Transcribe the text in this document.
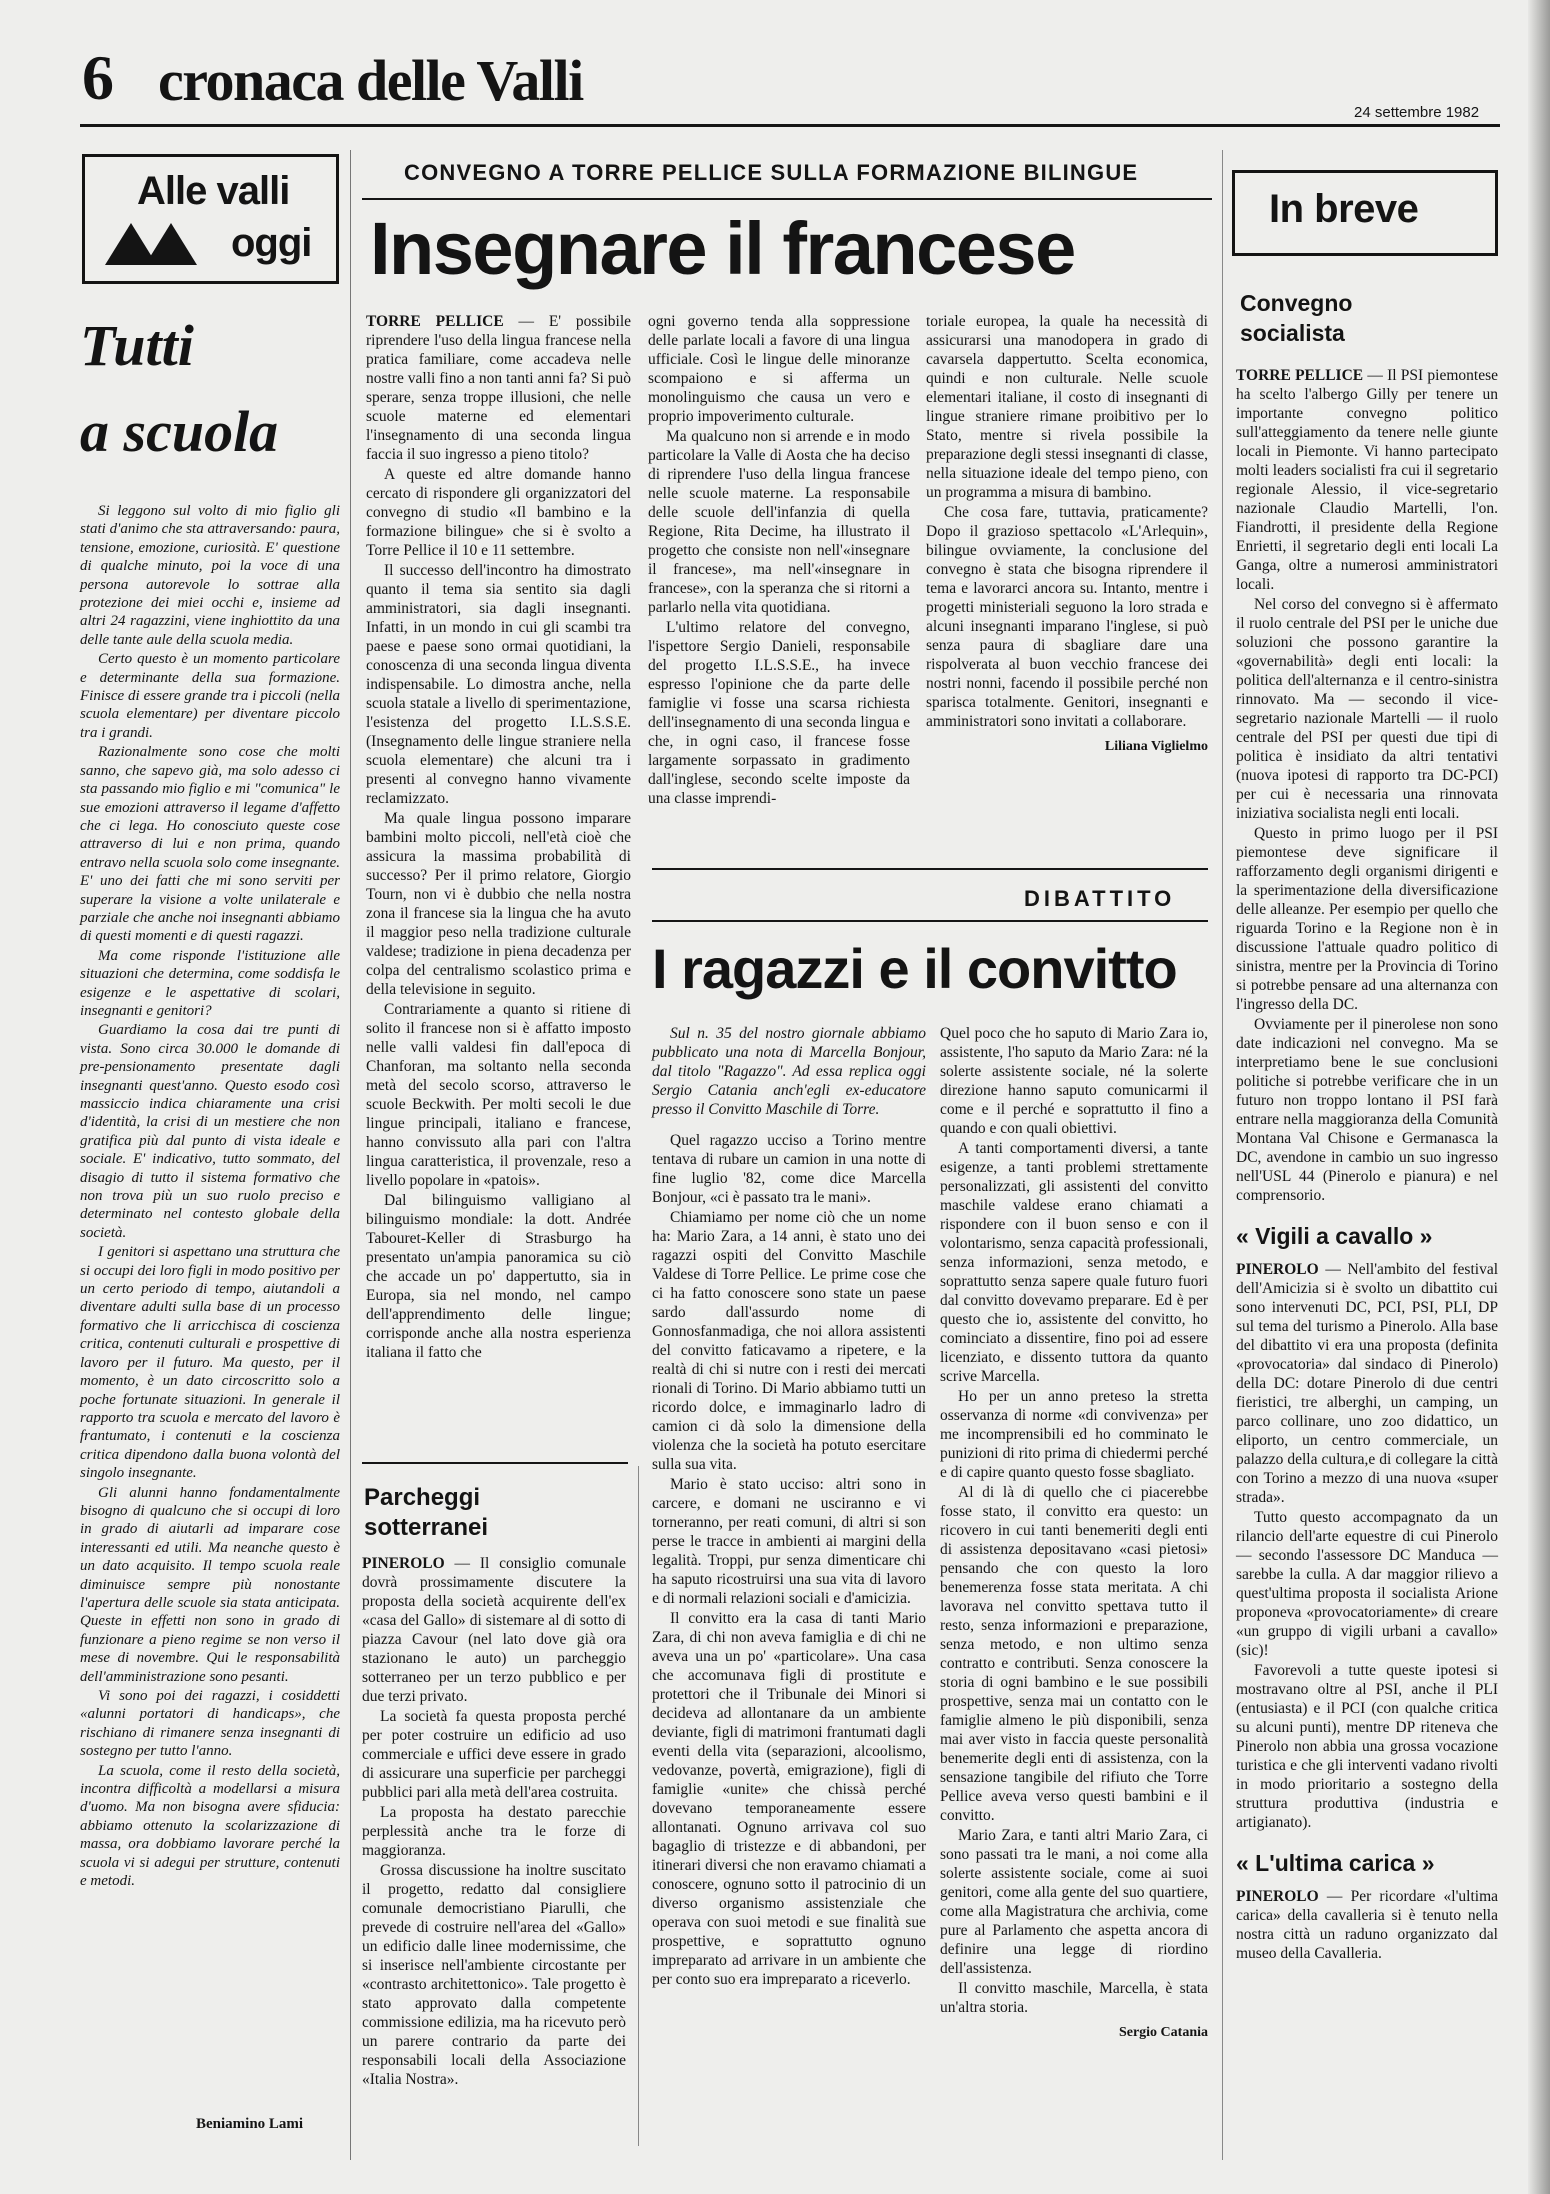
6 cronaca delle Valli	24 settembre 1982
Alle valli
oggi
Tutti
a scuola

Si leggono sul volto di mio figlio gli stati d'animo che sta attraversando: paura, tensione, emozione, curiosità. E' questione di qualche minuto, poi la voce di una persona autorevole lo sottrae alla protezione dei miei occhi e, insieme ad altri 24 ragazzini, viene inghiottito da una delle tante aule della scuola media.

Certo questo è un momento particolare e determinante della sua formazione. Finisce di essere grande tra i piccoli (nella scuola elementare) per diventare piccolo tra i grandi.

Razionalmente sono cose che molti sanno, che sapevo già, ma solo adesso ci sta passando mio figlio e mi "comunica" le sue emozioni attraverso il legame d'affetto che ci lega. Ho conosciuto queste cose attraverso di lui e non prima, quando entravo nella scuola solo come insegnante. E' uno dei fatti che mi sono serviti per superare la visione a volte unilaterale e parziale che anche noi insegnanti abbiamo di questi momenti e di questi ragazzi.

Ma come risponde l'istituzione alle situazioni che determina, come soddisfa le esigenze e le aspettative di scolari, insegnanti e genitori?

Guardiamo la cosa dai tre punti di vista. Sono circa 30.000 le domande di pre-pensionamento presentate dagli insegnanti quest'anno. Questo esodo così massiccio indica chiaramente una crisi d'identità, la crisi di un mestiere che non gratifica più dal punto di vista ideale e sociale. E' indicativo, tutto sommato, del disagio di tutto il sistema formativo che non trova più un suo ruolo preciso e determinato nel contesto globale della società.

I genitori si aspettano una struttura che si occupi dei loro figli in modo positivo per un certo periodo di tempo, aiutandoli a diventare adulti sulla base di un processo formativo che li arricchisca di coscienza critica, contenuti culturali e prospettive di lavoro per il futuro. Ma questo, per il momento, è un dato circoscritto solo a poche fortunate situazioni. In generale il rapporto tra scuola e mercato del lavoro è frantumato, i contenuti e la coscienza critica dipendono dalla buona volontà del singolo insegnante.

Gli alunni hanno fondamentalmente bisogno di qualcuno che si occupi di loro in grado di aiutarli ad imparare cose interessanti ed utili. Ma neanche questo è un dato acquisito. Il tempo scuola reale diminuisce sempre più nonostante l'apertura delle scuole sia stata anticipata. Queste in effetti non sono in grado di funzionare a pieno regime se non verso il mese di novembre. Qui le responsabilità dell'amministrazione sono pesanti.

Vi sono poi dei ragazzi, i cosiddetti «alunni portatori di handicaps», che rischiano di rimanere senza insegnanti di sostegno per tutto l'anno.

La scuola, come il resto della società, incontra difficoltà a modellarsi a misura d'uomo. Ma non bisogna avere sfiducia: abbiamo ottenuto la scolarizzazione di massa, ora dobbiamo lavorare perché la scuola vi si adegui per strutture, contenuti e metodi.

Beniamino Lami
CONVEGNO A TORRE PELLICE SULLA FORMAZIONE BILINGUE
Insegnare il francese

TORRE PELLICE — E' possibile riprendere l'uso della lingua francese nella pratica familiare, come accadeva nelle nostre valli fino a non tanti anni fa? Si può sperare, senza troppe illusioni, che nelle scuole materne ed elementari l'insegnamento di una seconda lingua faccia il suo ingresso a pieno titolo?

A queste ed altre domande hanno cercato di rispondere gli organizzatori del convegno di studio «Il bambino e la formazione bilingue» che si è svolto a Torre Pellice il 10 e 11 settembre.

Il successo dell'incontro ha dimostrato quanto il tema sia sentito sia dagli amministratori, sia dagli insegnanti. Infatti, in un mondo in cui gli scambi tra paese e paese sono ormai quotidiani, la conoscenza di una seconda lingua diventa indispensabile. Lo dimostra anche, nella scuola statale a livello di sperimentazione, l'esistenza del progetto I.L.S.S.E. (Insegnamento delle lingue straniere nella scuola elementare) che alcuni tra i presenti al convegno hanno vivamente reclamizzato.

Ma quale lingua possono imparare bambini molto piccoli, nell'età cioè che assicura la massima probabilità di successo? Per il primo relatore, Giorgio Tourn, non vi è dubbio che nella nostra zona il francese sia la lingua che ha avuto il maggior peso nella tradizione culturale valdese; tradizione in piena decadenza per colpa del centralismo scolastico prima e della televisione in seguito.

Contrariamente a quanto si ritiene di solito il francese non si è affatto imposto nelle valli valdesi fin dall'epoca di Chanforan, ma soltanto nella seconda metà del secolo scorso, attraverso le scuole Beckwith. Per molti secoli le due lingue principali, italiano e francese, hanno convissuto alla pari con l'altra lingua caratteristica, il provenzale, reso a livello popolare in «patois».

Dal bilinguismo valligiano al bilinguismo mondiale: la dott. Andrée Tabouret-Keller di Strasburgo ha presentato un'ampia panoramica su ciò che accade un po' dappertutto, sia in Europa, sia nel mondo, nel campo dell'apprendimento delle lingue; corrisponde anche alla nostra esperienza italiana il fatto che

ogni governo tenda alla soppressione delle parlate locali a favore di una lingua ufficiale. Così le lingue delle minoranze scompaiono e si afferma un monolinguismo che causa un vero e proprio impoverimento culturale.

Ma qualcuno non si arrende e in modo particolare la Valle di Aosta che ha deciso di riprendere l'uso della lingua francese nelle scuole materne. La responsabile delle scuole dell'infanzia di quella Regione, Rita Decime, ha illustrato il progetto che consiste non nell'«insegnare il francese», ma nell'«insegnare in francese», con la speranza che si ritorni a parlarlo nella vita quotidiana.

L'ultimo relatore del convegno, l'ispettore Sergio Danieli, responsabile del progetto I.L.S.S.E., ha invece espresso l'opinione che da parte delle famiglie vi fosse una scarsa richiesta dell'insegnamento di una seconda lingua e che, in ogni caso, il francese fosse largamente sorpassato in gradimento dall'inglese, secondo scelte imposte da una classe imprendi-

toriale europea, la quale ha necessità di assicurarsi una manodopera in grado di cavarsela dappertutto. Scelta economica, quindi e non culturale. Nelle scuole elementari italiane, il costo di insegnanti di lingue straniere rimane proibitivo per lo Stato, mentre si rivela possibile la preparazione degli stessi insegnanti di classe, nella situazione ideale del tempo pieno, con un programma a misura di bambino.

Che cosa fare, tuttavia, praticamente? Dopo il grazioso spettacolo «L'Arlequin», bilingue ovviamente, la conclusione del convegno è stata che bisogna riprendere il tema e lavorarci ancora su. Intanto, mentre i progetti ministeriali seguono la loro strada e alcuni insegnanti imparano l'inglese, si può senza paura di sbagliare dare una rispolverata al buon vecchio francese dei nostri nonni, facendo il possibile perché non sparisca totalmente. Genitori, insegnanti e amministratori sono invitati a collaborare.

Liliana Viglielmo
Parcheggi
sotterranei

PINEROLO — Il consiglio comunale dovrà prossimamente discutere la proposta della società acquirente dell'ex «casa del Gallo» di sistemare al di sotto di piazza Cavour (nel lato dove già ora stazionano le auto) un parcheggio sotterraneo per un terzo pubblico e per due terzi privato.

La società fa questa proposta perché per poter costruire un edificio ad uso commerciale e uffici deve essere in grado di assicurare una superficie per parcheggi pubblici pari alla metà dell'area costruita.

La proposta ha destato parecchie perplessità anche tra le forze di maggioranza.

Grossa discussione ha inoltre suscitato il progetto, redatto dal consigliere comunale democristiano Piarulli, che prevede di costruire nell'area del «Gallo» un edificio dalle linee modernissime, che si inserisce nell'ambiente circostante per «contrasto architettonico». Tale progetto è stato approvato dalla competente commissione edilizia, ma ha ricevuto però un parere contrario da parte dei responsabili locali della Associazione «Italia Nostra».

DIBATTITO
I ragazzi e il convitto

Sul n. 35 del nostro giornale abbiamo pubblicato una nota di Marcella Bonjour, dal titolo "Ragazzo". Ad essa replica oggi Sergio Catania anch'egli ex-educatore presso il Convitto Maschile di Torre.

Quel ragazzo ucciso a Torino mentre tentava di rubare un camion in una notte di fine luglio '82, come dice Marcella Bonjour, «ci è passato tra le mani».

Chiamiamo per nome ciò che un nome ha: Mario Zara, a 14 anni, è stato uno dei ragazzi ospiti del Convitto Maschile Valdese di Torre Pellice. Le prime cose che ci ha fatto conoscere sono state un paese sardo dall'assurdo nome di Gonnosfanmadiga, che noi allora assistenti del convitto faticavamo a ripetere, e la realtà di chi si nutre con i resti dei mercati rionali di Torino. Di Mario abbiamo tutti un ricordo dolce, e immaginarlo ladro di camion ci dà solo la dimensione della violenza che la società ha potuto esercitare sulla sua vita.

Mario è stato ucciso: altri sono in carcere, e domani ne usciranno e vi torneranno, per reati comuni, di altri si son perse le tracce in ambienti ai margini della legalità. Troppi, pur senza dimenticare chi ha saputo ricostruirsi una sua vita di lavoro e di normali relazioni sociali e d'amicizia.

Il convitto era la casa di tanti Mario Zara, di chi non aveva famiglia e di chi ne aveva una un po' «particolare». Una casa che accomunava figli di prostitute e protettori che il Tribunale dei Minori si decideva ad allontanare da un ambiente deviante, figli di matrimoni frantumati dagli eventi della vita (separazioni, alcoolismo, vedovanze, povertà, emigrazione), figli di famiglie «unite» che chissà perché dovevano temporaneamente essere allontanati. Ognuno arrivava col suo bagaglio di tristezze e di abbandoni, per itinerari diversi che non eravamo chiamati a conoscere, ognuno sotto il patrocinio di un diverso organismo assistenziale che operava con suoi metodi e sue finalità sue prospettive, e soprattutto ognuno impreparato ad arrivare in un ambiente che per conto suo era impreparato a riceverlo.

Quel poco che ho saputo di Mario Zara io, assistente, l'ho saputo da Mario Zara: né la solerte assistente sociale, né la solerte direzione hanno saputo comunicarmi il come e il perché e soprattutto il fino a quando e con quali obiettivi.

A tanti comportamenti diversi, a tante esigenze, a tanti problemi strettamente personalizzati, gli assistenti del convitto maschile valdese erano chiamati a rispondere con il buon senso e con il volontarismo, senza capacità professionali, senza informazioni, senza metodo, e soprattutto senza sapere quale futuro fuori dal convitto dovevamo preparare. Ed è per questo che io, assistente del convitto, ho cominciato a dissentire, fino poi ad essere licenziato, e dissento tuttora da quanto scrive Marcella.

Ho per un anno preteso la stretta osservanza di norme «di convivenza» per me incomprensibili ed ho comminato le punizioni di rito prima di chiedermi perché e di capire quanto questo fosse sbagliato.

Al di là di quello che ci piacerebbe fosse stato, il convitto era questo: un ricovero in cui tanti benemeriti degli enti di assistenza depositavano «casi pietosi» pensando che con questo la loro benemerenza fosse stata meritata. A chi lavorava nel convitto spettava tutto il resto, senza informazioni e preparazione, senza metodo, e non ultimo senza contratto e contributi. Senza conoscere la storia di ogni bambino e le sue possibili prospettive, senza mai un contatto con le famiglie almeno le più disponibili, senza mai aver visto in faccia queste personalità benemerite degli enti di assistenza, con la sensazione tangibile del rifiuto che Torre Pellice aveva verso questi bambini e il convitto.

Mario Zara, e tanti altri Mario Zara, ci sono passati tra le mani, a noi come alla solerte assistente sociale, come ai suoi genitori, come alla gente del suo quartiere, come alla Magistratura che archivia, come pure al Parlamento che aspetta ancora di definire una legge di riordino dell'assistenza.

Il convitto maschile, Marcella, è stata un'altra storia.

Sergio Catania
In breve
Convegno
socialista

TORRE PELLICE — Il PSI piemontese ha scelto l'albergo Gilly per tenere un importante convegno politico sull'atteggiamento da tenere nelle giunte locali in Piemonte. Vi hanno partecipato molti leaders socialisti fra cui il segretario regionale Alessio, il vice-segretario nazionale Claudio Martelli, l'on. Fiandrotti, il presidente della Regione Enrietti, il segretario degli enti locali La Ganga, oltre a numerosi amministratori locali.

Nel corso del convegno si è affermato il ruolo centrale del PSI per le uniche due soluzioni che possono garantire la «governabilità» degli enti locali: la politica dell'alternanza e il centro-sinistra rinnovato. Ma — secondo il vice-segretario nazionale Martelli — il ruolo centrale del PSI per questi due tipi di politica è insidiato da altri tentativi (nuova ipotesi di rapporto tra DC-PCI) per cui è necessaria una rinnovata iniziativa socialista negli enti locali.

Questo in primo luogo per il PSI piemontese deve significare il rafforzamento degli organismi dirigenti e la sperimentazione della diversificazione delle alleanze. Per esempio per quello che riguarda Torino e la Regione non è in discussione l'attuale quadro politico di sinistra, mentre per la Provincia di Torino si potrebbe pensare ad una alternanza con l'ingresso della DC.

Ovviamente per il pinerolese non sono date indicazioni nel convegno. Ma se interpretiamo bene le sue conclusioni politiche si potrebbe verificare che in un futuro non troppo lontano il PSI farà entrare nella maggioranza della Comunità Montana Val Chisone e Germanasca la DC, avendone in cambio un suo ingresso nell'USL 44 (Pinerolo e pianura) e nel comprensorio.

« Vigili a cavallo »

PINEROLO — Nell'ambito del festival dell'Amicizia si è svolto un dibattito cui sono intervenuti DC, PCI, PSI, PLI, DP sul tema del turismo a Pinerolo. Alla base del dibattito vi era una proposta (definita «provocatoria» dal sindaco di Pinerolo) della DC: dotare Pinerolo di due centri fieristici, tre alberghi, un camping, un parco collinare, uno zoo didattico, un eliporto, un centro commerciale, un palazzo della cultura,e di collegare la città con Torino a mezzo di una nuova «super strada».

Tutto questo accompagnato da un rilancio dell'arte equestre di cui Pinerolo — secondo l'assessore DC Manduca — sarebbe la culla. A dar maggior rilievo a quest'ultima proposta il socialista Arione proponeva «provocatoriamente» di creare «un gruppo di vigili urbani a cavallo» (sic)!

Favorevoli a tutte queste ipotesi si mostravano oltre al PSI, anche il PLI (entusiasta) e il PCI (con qualche critica su alcuni punti), mentre DP riteneva che Pinerolo non abbia una grossa vocazione turistica e che gli interventi vadano rivolti in modo prioritario a sostegno della struttura produttiva (industria e artigianato).

« L'ultima carica »

PINEROLO — Per ricordare «l'ultima carica» della cavalleria si è tenuto nella nostra città un raduno organizzato dal museo della Cavalleria.
